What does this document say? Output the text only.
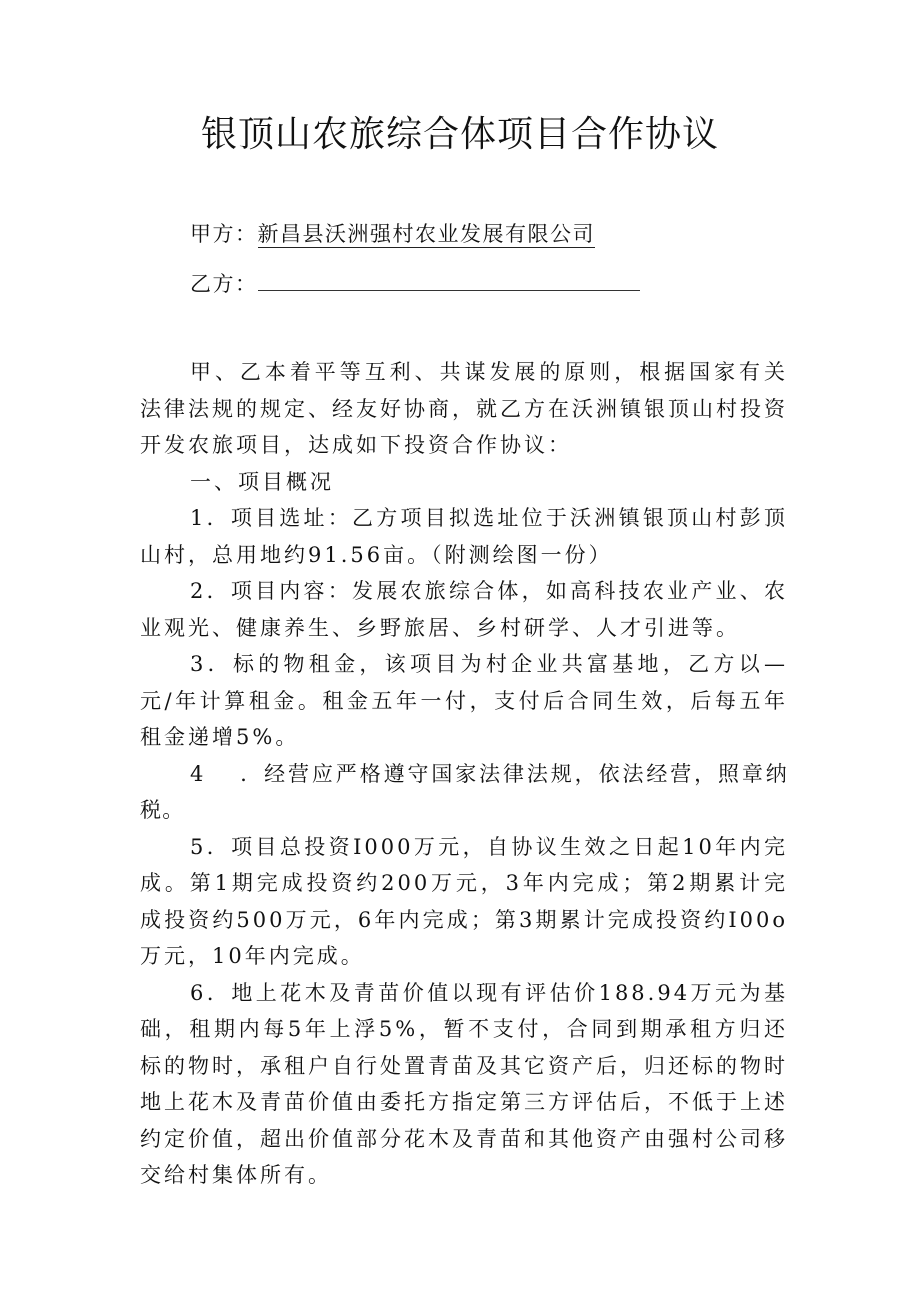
银顶山农旅综合体项目合作协议
甲方：新昌县沃洲强村农业发展有限公司
乙方：

甲、乙本着平等互利、共谋发展的原则，根据国家有关法律法规的规定、经友好协商，就乙方在沃洲镇银顶山村投资开发农旅项目，达成如下投资合作协议：

一、项目概况

1．项目选址：乙方项目拟选址位于沃洲镇银顶山村彭顶山村，总用地约91.56亩。（附测绘图一份）

2．项目内容：发展农旅综合体，如高科技农业产业、农业观光、健康养生、乡野旅居、乡村研学、人才引进等。

3．标的物租金，该项目为村企业共富基地，乙方以—元/年计算租金。租金五年一付，支付后合同生效，后每五年租金递增5%。

4 ．经营应严格遵守国家法律法规，依法经营，照章纳税。

5．项目总投资I000万元，自协议生效之日起10年内完成。第1期完成投资约200万元，3年内完成；第2期累计完成投资约500万元，6年内完成；第3期累计完成投资约I00o万元，10年内完成。

6．地上花木及青苗价值以现有评估价188.94万元为基础，租期内每5年上浮5%，暂不支付，合同到期承租方归还标的物时，承租户自行处置青苗及其它资产后，归还标的物时地上花木及青苗价值由委托方指定第三方评估后，不低于上述约定价值，超出价值部分花木及青苗和其他资产由强村公司移交给村集体所有。
